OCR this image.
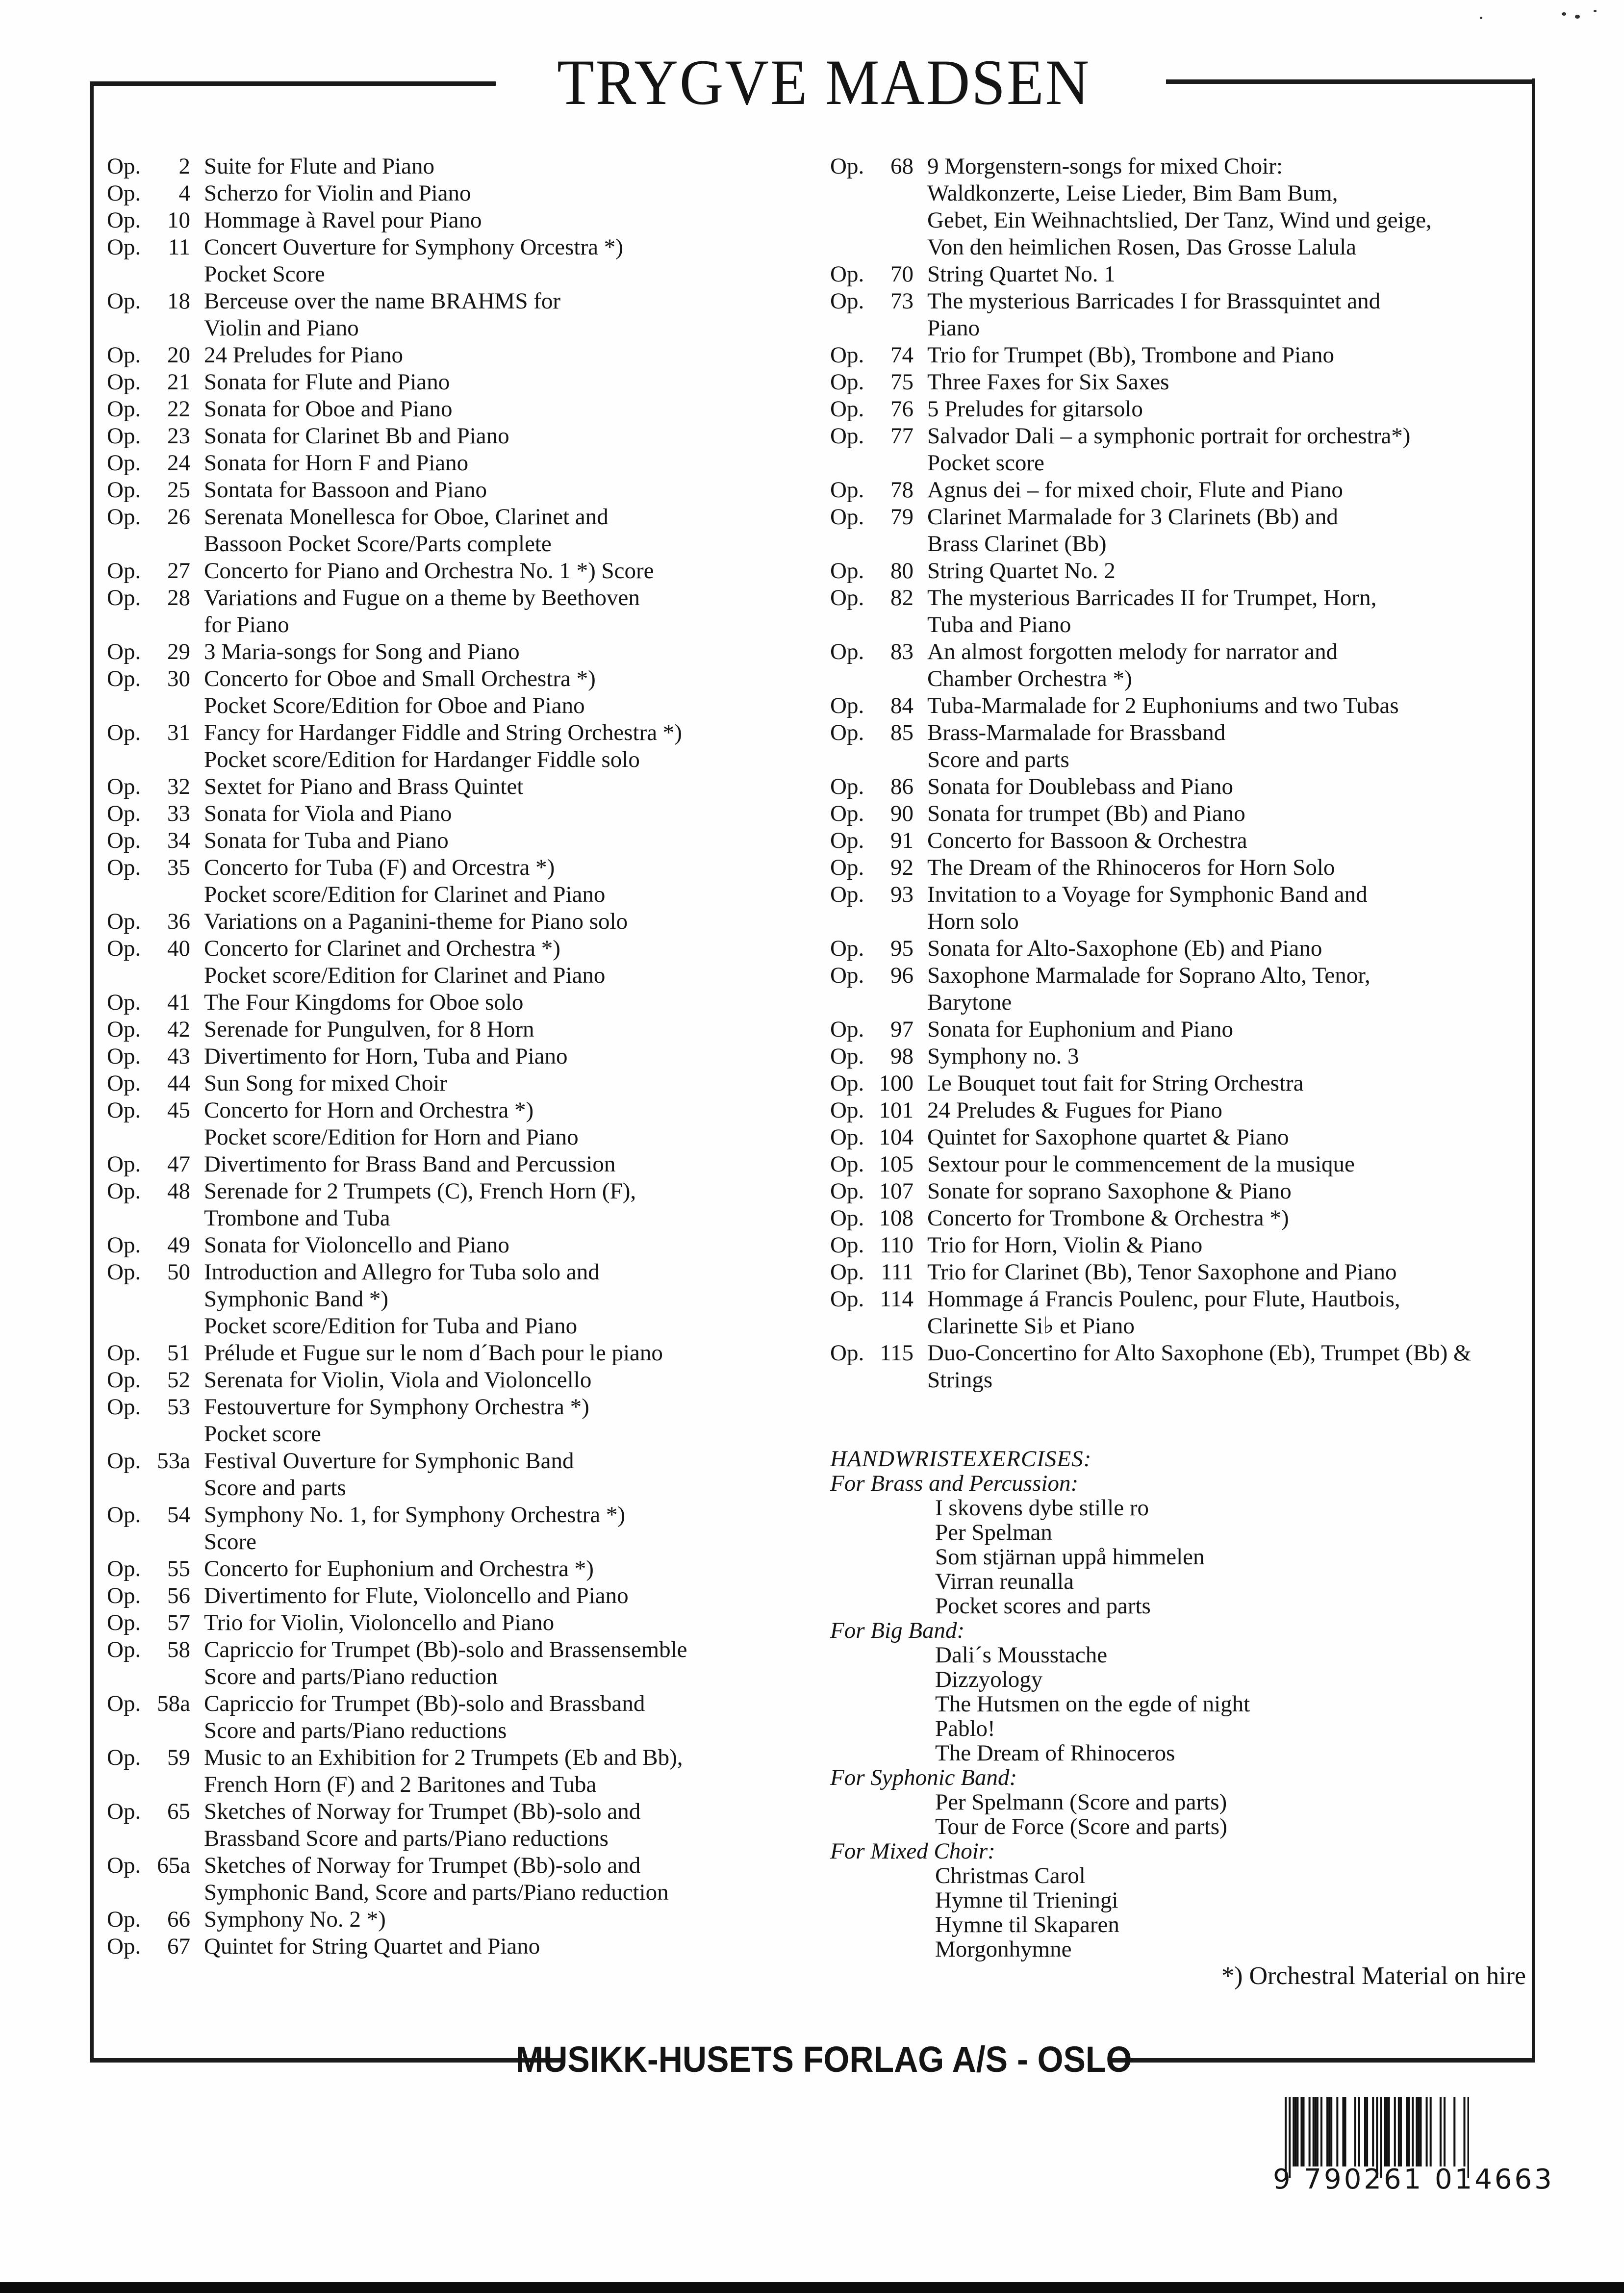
TRYGVE MADSEN
Op.	2 Suite for Flute and Piano
Op.	4 Scherzo for Violin and Piano
Op.	10 Hommage à Ravel pour Piano
Op.	11 Concert Ouverture for Symphony Orcestra *)
Pocket Score
Op.	18 Berceuse over the name BRAHMS for
Violin and Piano
Op.	20 24 Preludes for Piano
Op.	21 Sonata for Flute and Piano
Op.	22 Sonata for Oboe and Piano
Op.	23 Sonata for Clarinet Bb and Piano
Op.	24 Sonata for Horn F and Piano
Op.	25 Sontata for Bassoon and Piano
Op.	26 Serenata Monellesca for Oboe, Clarinet and
Bassoon Pocket Score/Parts complete
Op.	27 Concerto for Piano and Orchestra No. 1 *) Score
Op.	28 Variations and Fugue on a theme by Beethoven
for Piano
Op.	29 3 Maria-songs for Song and Piano
Op.	30 Concerto for Oboe and Small Orchestra *)
Pocket Score/Edition for Oboe and Piano
Op.	31 Fancy for Hardanger Fiddle and String Orchestra *)
Pocket score/Edition for Hardanger Fiddle solo
Op.	32 Sextet for Piano and Brass Quintet
Op.	33 Sonata for Viola and Piano
Op.	34 Sonata for Tuba and Piano
Op.	35 Concerto for Tuba (F) and Orcestra *)
Pocket score/Edition for Clarinet and Piano
Op.	36 Variations on a Paganini-theme for Piano solo
Op.	40 Concerto for Clarinet and Orchestra *)
Pocket score/Edition for Clarinet and Piano
Op.	41 The Four Kingdoms for Oboe solo
Op.	42 Serenade for Pungulven, for 8 Horn
Op.	43 Divertimento for Horn, Tuba and Piano
Op.	44 Sun Song for mixed Choir
Op.	45 Concerto for Horn and Orchestra *)
Pocket score/Edition for Horn and Piano
Op.	47 Divertimento for Brass Band and Percussion
Op.	48 Serenade for 2 Trumpets (C), French Horn (F),
Trombone and Tuba
Op.	49 Sonata for Violoncello and Piano
Op.	50 Introduction and Allegro for Tuba solo and
Symphonic Band *)
Pocket score/Edition for Tuba and Piano
Op.	51 Prélude et Fugue sur le nom d´Bach pour le piano
Op.	52 Serenata for Violin, Viola and Violoncello
Op.	53 Festouverture for Symphony Orchestra *)
Pocket score
Op. 53a Festival Ouverture for Symphonic Band
Score and parts
Op.	54 Symphony No. 1, for Symphony Orchestra *)
Score
Op.	55 Concerto for Euphonium and Orchestra *)
Op.	56 Divertimento for Flute, Violoncello and Piano
Op.	57 Trio for Violin, Violoncello and Piano
Op.	58 Capriccio for Trumpet (Bb)-solo and Brassensemble
Score and parts/Piano reduction
Op. 58a Capriccio for Trumpet (Bb)-solo and Brassband
Score and parts/Piano reductions
Op.	59 Music to an Exhibition for 2 Trumpets (Eb and Bb),
French Horn (F) and 2 Baritones and Tuba
Op.	65 Sketches of Norway for Trumpet (Bb)-solo and
Brassband Score and parts/Piano reductions
Op. 65a Sketches of Norway for Trumpet (Bb)-solo and
Symphonic Band, Score and parts/Piano reduction
Op.	66 Symphony No. 2 *)
Op.	67 Quintet for String Quartet and Piano
Op.	68 9 Morgenstern-songs for mixed Choir:
Waldkonzerte, Leise Lieder, Bim Bam Bum,
Gebet, Ein Weihnachtslied, Der Tanz, Wind und geige,
Von den heimlichen Rosen, Das Grosse Lalula
Op.	70 String Quartet No. 1
Op.	73 The mysterious Barricades I for Brassquintet and
Piano
Op.	74 Trio for Trumpet (Bb), Trombone and Piano
Op.	75 Three Faxes for Six Saxes
Op.	76 5 Preludes for gitarsolo
Op.	77 Salvador Dali – a symphonic portrait for orchestra*)
Pocket score
Op.	78 Agnus dei – for mixed choir, Flute and Piano
Op.	79 Clarinet Marmalade for 3 Clarinets (Bb) and
Brass Clarinet (Bb)
Op.	80 String Quartet No. 2
Op.	82 The mysterious Barricades II for Trumpet, Horn,
Tuba and Piano
Op.	83 An almost forgotten melody for narrator and
Chamber Orchestra *)
Op.	84 Tuba-Marmalade for 2 Euphoniums and two Tubas
Op.	85 Brass-Marmalade for Brassband
Score and parts
Op.	86 Sonata for Doublebass and Piano
Op.	90 Sonata for trumpet (Bb) and Piano
Op.	91 Concerto for Bassoon & Orchestra
Op.	92 The Dream of the Rhinoceros for Horn Solo
Op.	93 Invitation to a Voyage for Symphonic Band and
Horn solo
Op.	95 Sonata for Alto-Saxophone (Eb) and Piano
Op.	96 Saxophone Marmalade for Soprano Alto, Tenor,
Barytone
Op.	97 Sonata for Euphonium and Piano
Op.	98 Symphony no. 3
Op. 100 Le Bouquet tout fait for String Orchestra
Op. 101 24 Preludes & Fugues for Piano
Op. 104 Quintet for Saxophone quartet & Piano
Op. 105 Sextour pour le commencement de la musique
Op. 107 Sonate for soprano Saxophone & Piano
Op. 108 Concerto for Trombone & Orchestra *)
Op. 110 Trio for Horn, Violin & Piano
Op. 111 Trio for Clarinet (Bb), Tenor Saxophone and Piano
Op. 114 Hommage á Francis Poulenc, pour Flute, Hautbois,
Clarinette Si♭ et Piano
Op. 115 Duo-Concertino for Alto Saxophone (Eb), Trumpet (Bb) &
Strings
HANDWRISTEXERCISES:
For Brass and Percussion:
I skovens dybe stille ro
Per Spelman
Som stjärnan uppå himmelen
Virran reunalla
Pocket scores and parts
For Big Band:
Dali´s Mousstache
Dizzyology
The Hutsmen on the egde of night
Pablo!
The Dream of Rhinoceros
For Syphonic Band:
Per Spelmann (Score and parts)
Tour de Force (Score and parts)
For Mixed Choir:
Christmas Carol
Hymne til Trieningi
Hymne til Skaparen
Morgonhymne
*) Orchestral Material on hire
MUSIKK-HUSETS FORLAG A/S - OSLO
9 790261 014663
